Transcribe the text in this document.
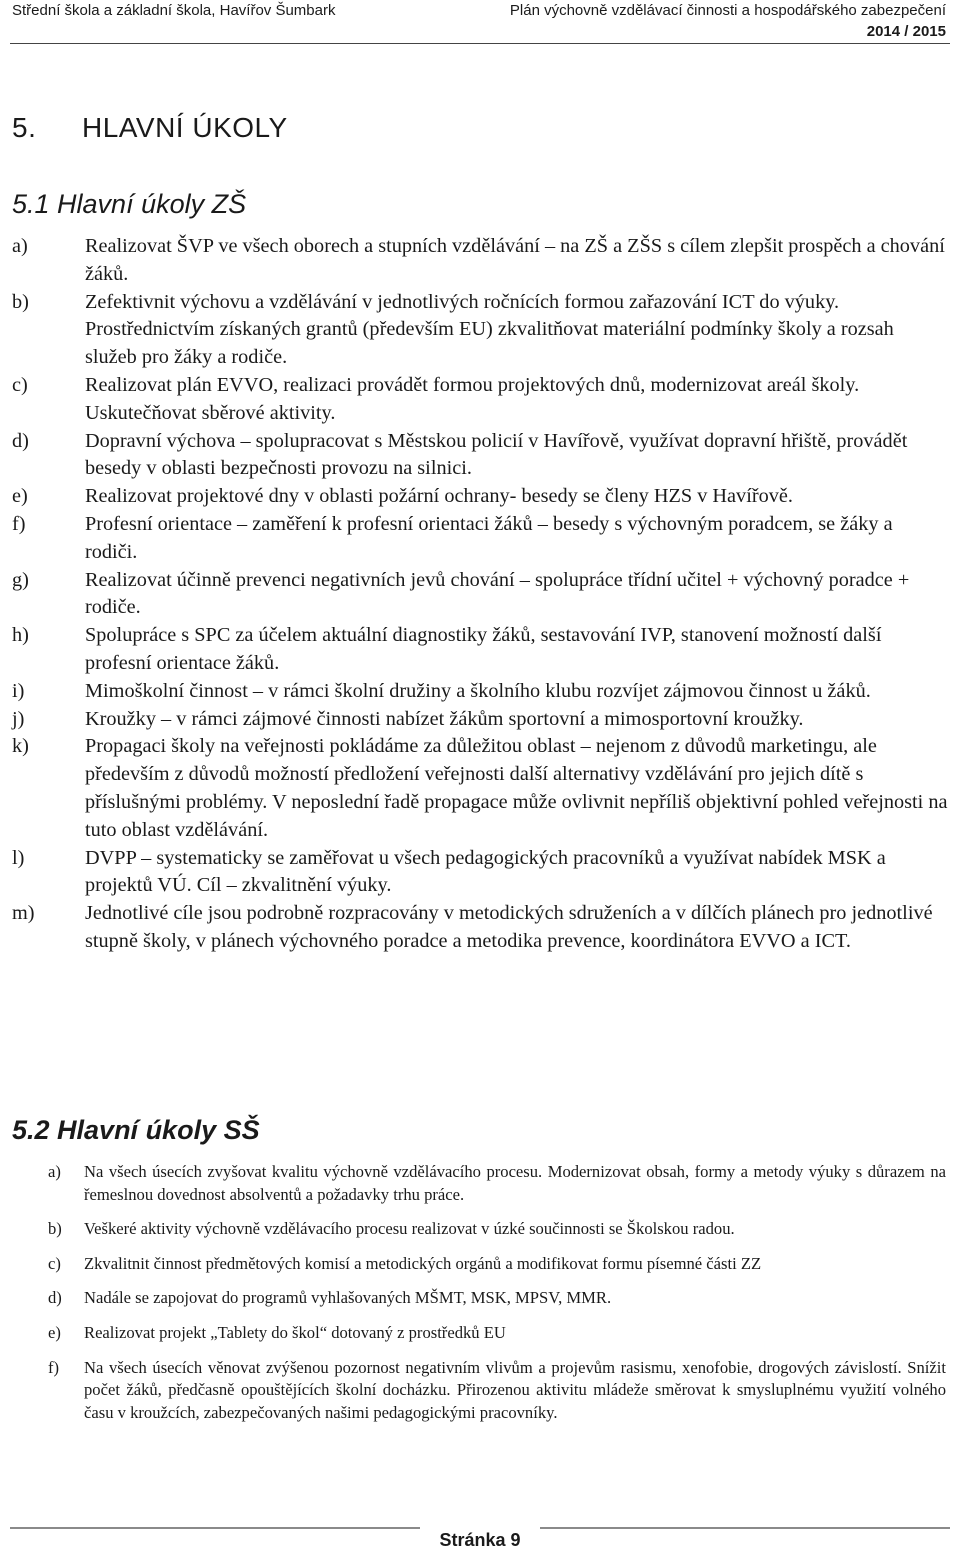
Střední škola a základní škola, Havířov Šumbark	Plán výchovně vzdělávací činnosti a hospodářského zabezpečení
2014 / 2015
5. HLAVNÍ ÚKOLY
5.1 Hlavní úkoly ZŠ
a)	Realizovat ŠVP ve všech oborech a stupních vzdělávání – na ZŠ a ZŠS s cílem zlepšit prospěch a chování žáků.
b)	Zefektivnit výchovu a vzdělávání v jednotlivých ročnících formou zařazování ICT do výuky. Prostřednictvím získaných grantů (především EU) zkvalitňovat materiální podmínky školy a rozsah služeb pro žáky a rodiče.
c)	Realizovat plán EVVO, realizaci provádět formou projektových dnů, modernizovat areál školy. Uskutečňovat sběrové aktivity.
d)	Dopravní výchova – spolupracovat s Městskou policií v Havířově, využívat dopravní hřiště, provádět besedy v oblasti bezpečnosti provozu na silnici.
e)	Realizovat projektové dny v oblasti požární ochrany- besedy se členy HZS v Havířově.
f)	Profesní orientace – zaměření k profesní orientaci žáků – besedy s výchovným poradcem, se žáky a rodiči.
g)	Realizovat účinně prevenci negativních jevů chování – spolupráce třídní učitel + výchovný poradce + rodiče.
h)	Spolupráce s SPC za účelem aktuální diagnostiky žáků, sestavování IVP, stanovení možností další profesní orientace žáků.
i)	Mimoškolní činnost – v rámci školní družiny a školního klubu rozvíjet zájmovou činnost u žáků.
j)	Kroužky – v rámci zájmové činnosti nabízet žákům sportovní a mimosportovní kroužky.
k)	Propagaci školy na veřejnosti pokládáme za důležitou oblast – nejenom z důvodů marketingu, ale především z důvodů možností předložení veřejnosti další alternativy vzdělávání pro jejich dítě s příslušnými problémy. V neposlední řadě propagace může ovlivnit nepříliš objektivní pohled veřejnosti na tuto oblast vzdělávání.
l)	DVPP – systematicky se zaměřovat u všech pedagogických pracovníků a využívat nabídek MSK a projektů VÚ. Cíl – zkvalitnění výuky.
m) Jednotlivé cíle jsou podrobně rozpracovány v metodických sdruženích a v dílčích plánech pro jednotlivé stupně školy, v plánech výchovného poradce a metodika prevence, koordinátora EVVO a ICT.
5.2 Hlavní úkoly SŠ
a) Na všech úsecích zvyšovat kvalitu výchovně vzdělávacího procesu. Modernizovat obsah, formy a metody výuky s důrazem na řemeslnou dovednost absolventů a požadavky trhu práce.
b) Veškeré aktivity výchovně vzdělávacího procesu realizovat v úzké součinnosti se Školskou radou.
c) Zkvalitnit činnost předmětových komisí a metodických orgánů a modifikovat formu písemné části ZZ
d) Nadále se zapojovat do programů vyhlašovaných MŠMT, MSK, MPSV, MMR.
e) Realizovat projekt „Tablety do škol“ dotovaný z prostředků EU
f) Na všech úsecích věnovat zvýšenou pozornost negativním vlivům a projevům rasismu, xenofobie, drogových závislostí. Snížit počet žáků, předčasně opouštějících školní docházku. Přirozenou aktivitu mládeže směrovat k smysluplnému využití volného času v kroužcích, zabezpečovaných našimi pedagogickými pracovníky.
Stránka 9
